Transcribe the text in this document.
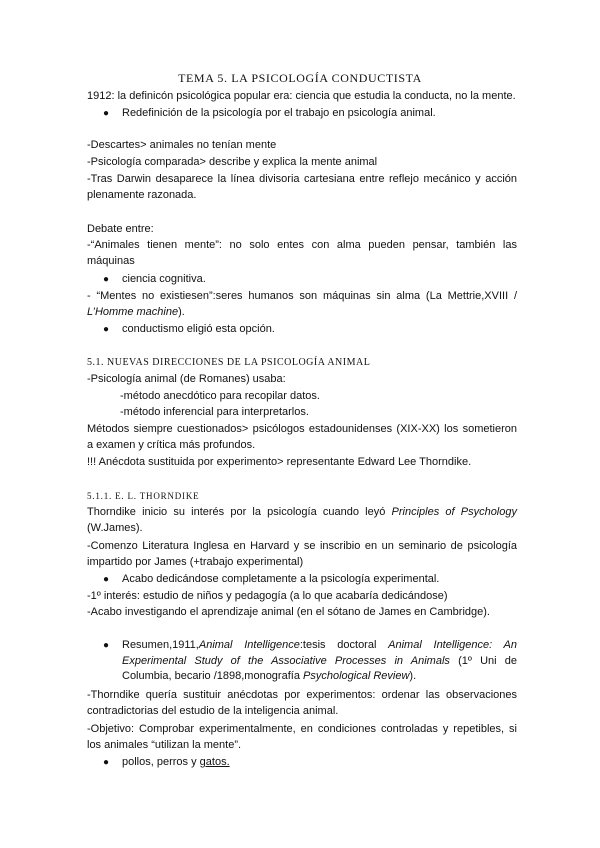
TEMA 5. LA PSICOLOGÍA CONDUCTISTA
1912: la definicón psicológica popular era: ciencia que estudia la conducta, no la mente.
● Redefinición de la psicología por el trabajo en psicología animal.
-Descartes> animales no tenían mente
-Psicología comparada> describe y explica la mente animal
-Tras Darwin desaparece la línea divisoria cartesiana entre reflejo mecánico y acción plenamente razonada.
Debate entre:
-“Animales tienen mente”: no solo entes con alma pueden pensar, también las máquinas
● ciencia cognitiva.
- “Mentes no existiesen”:seres humanos son máquinas sin alma (La Mettrie,XVIII / L’Homme machine).
● conductismo eligió esta opción.
5.1. NUEVAS DIRECCIONES DE LA PSICOLOGÍA ANIMAL
-Psicología animal (de Romanes) usaba:
-método anecdótico para recopilar datos.
-método inferencial para interpretarlos.
Métodos siempre cuestionados> psicólogos estadounidenses (XIX-XX) los sometieron a examen y crítica más profundos.
!!! Anécdota sustituida por experimento> representante Edward Lee Thorndike.
5.1.1. E. L. THORNDIKE
Thorndike inicio su interés por la psicología cuando leyó Principles of Psychology (W.James).
-Comenzo Literatura Inglesa en Harvard y se inscribio en un seminario de psicología impartido por James (+trabajo experimental)
● Acabo dedicándose completamente a la psicología experimental.
-1º interés: estudio de niños y pedagogía (a lo que acabaría dedicándose)
-Acabo investigando el aprendizaje animal (en el sótano de James en Cambridge).
● Resumen,1911,Animal Intelligence:tesis doctoral Animal Intelligence: An Experimental Study of the Associative Processes in Animals (1º Uni de Columbia, becario /1898,monografía Psychological Review).
-Thorndike quería sustituir anécdotas por experimentos: ordenar las observaciones contradictorias del estudio de la inteligencia animal.
-Objetivo: Comprobar experimentalmente, en condiciones controladas y repetibles, si los animales “utilizan la mente”.
● pollos, perros y gatos.
